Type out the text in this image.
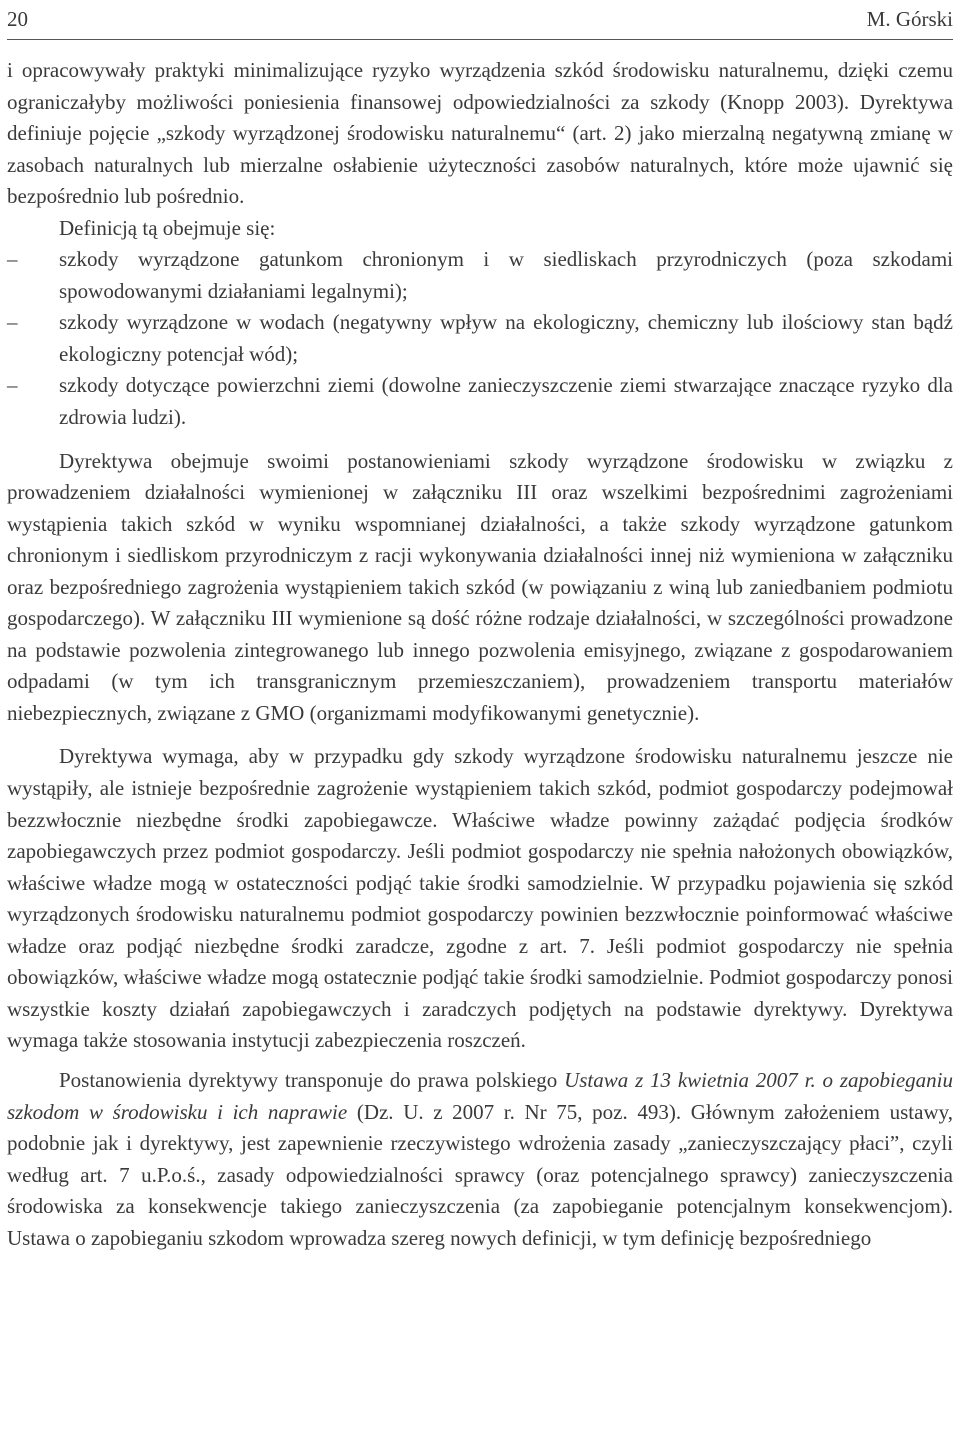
20	M. Górski

i opracowywały praktyki minimalizujące ryzyko wyrządzenia szkód środowisku naturalnemu, dzięki czemu ograniczałyby możliwości poniesienia finansowej odpowiedzialności za szkody (Knopp 2003). Dyrektywa definiuje pojęcie „szkody wyrządzonej środowisku naturalnemu“ (art. 2) jako mierzalną negatywną zmianę w zasobach naturalnych lub mierzalne osłabienie użyteczności zasobów naturalnych, które może ujawnić się bezpośrednio lub pośrednio.

Definicją tą obejmuje się:

–	szkody wyrządzone gatunkom chronionym i w siedliskach przyrodniczych (poza szkodami spowodowanymi działaniami legalnymi);
–	szkody wyrządzone w wodach (negatywny wpływ na ekologiczny, chemiczny lub ilościowy stan bądź ekologiczny potencjał wód);
–	szkody dotyczące powierzchni ziemi (dowolne zanieczyszczenie ziemi stwarzające znaczące ryzyko dla zdrowia ludzi).

Dyrektywa obejmuje swoimi postanowieniami szkody wyrządzone środowisku w związku z prowadzeniem działalności wymienionej w załączniku III oraz wszelkimi bezpośrednimi zagrożeniami wystąpienia takich szkód w wyniku wspomnianej działalności, a także szkody wyrządzone gatunkom chronionym i siedliskom przyrodniczym z racji wykonywania działalności innej niż wymieniona w załączniku oraz bezpośredniego zagrożenia wystąpieniem takich szkód (w powiązaniu z winą lub zaniedbaniem podmiotu gospodarczego). W załączniku III wymienione są dość różne rodzaje działalności, w szczególności prowadzone na podstawie pozwolenia zintegrowanego lub innego pozwolenia emisyjnego, związane z gospodarowaniem odpadami (w tym ich transgranicznym przemieszczaniem), prowadzeniem transportu materiałów niebezpiecznych, związane z GMO (organizmami modyfikowanymi genetycznie).

Dyrektywa wymaga, aby w przypadku gdy szkody wyrządzone środowisku naturalnemu jeszcze nie wystąpiły, ale istnieje bezpośrednie zagrożenie wystąpieniem takich szkód, podmiot gospodarczy podejmował bezzwłocznie niezbędne środki zapobiegawcze. Właściwe władze powinny zażądać podjęcia środków zapobiegawczych przez podmiot gospodarczy. Jeśli podmiot gospodarczy nie spełnia nałożonych obowiązków, właściwe władze mogą w ostateczności podjąć takie środki samodzielnie. W przypadku pojawienia się szkód wyrządzonych środowisku naturalnemu podmiot gospodarczy powinien bezzwłocznie poinformować właściwe władze oraz podjąć niezbędne środki zaradcze, zgodne z art. 7. Jeśli podmiot gospodarczy nie spełnia obowiązków, właściwe władze mogą ostatecznie podjąć takie środki samodzielnie. Podmiot gospodarczy ponosi wszystkie koszty działań zapobiegawczych i zaradczych podjętych na podstawie dyrektywy. Dyrektywa wymaga także stosowania instytucji zabezpieczenia roszczeń.

Postanowienia dyrektywy transponuje do prawa polskiego Ustawa z 13 kwietnia 2007 r. o zapobieganiu szkodom w środowisku i ich naprawie (Dz. U. z 2007 r. Nr 75, poz. 493). Głównym założeniem ustawy, podobnie jak i dyrektywy, jest zapewnienie rzeczywistego wdrożenia zasady „zanieczyszczający płaci”, czyli według art. 7 u.P.o.ś., zasady odpowiedzialności sprawcy (oraz potencjalnego sprawcy) zanieczyszczenia środowiska za konsekwencje takiego zanieczyszczenia (za zapobieganie potencjalnym konsekwencjom). Ustawa o zapobieganiu szkodom wprowadza szereg nowych definicji, w tym definicję bezpośredniego
